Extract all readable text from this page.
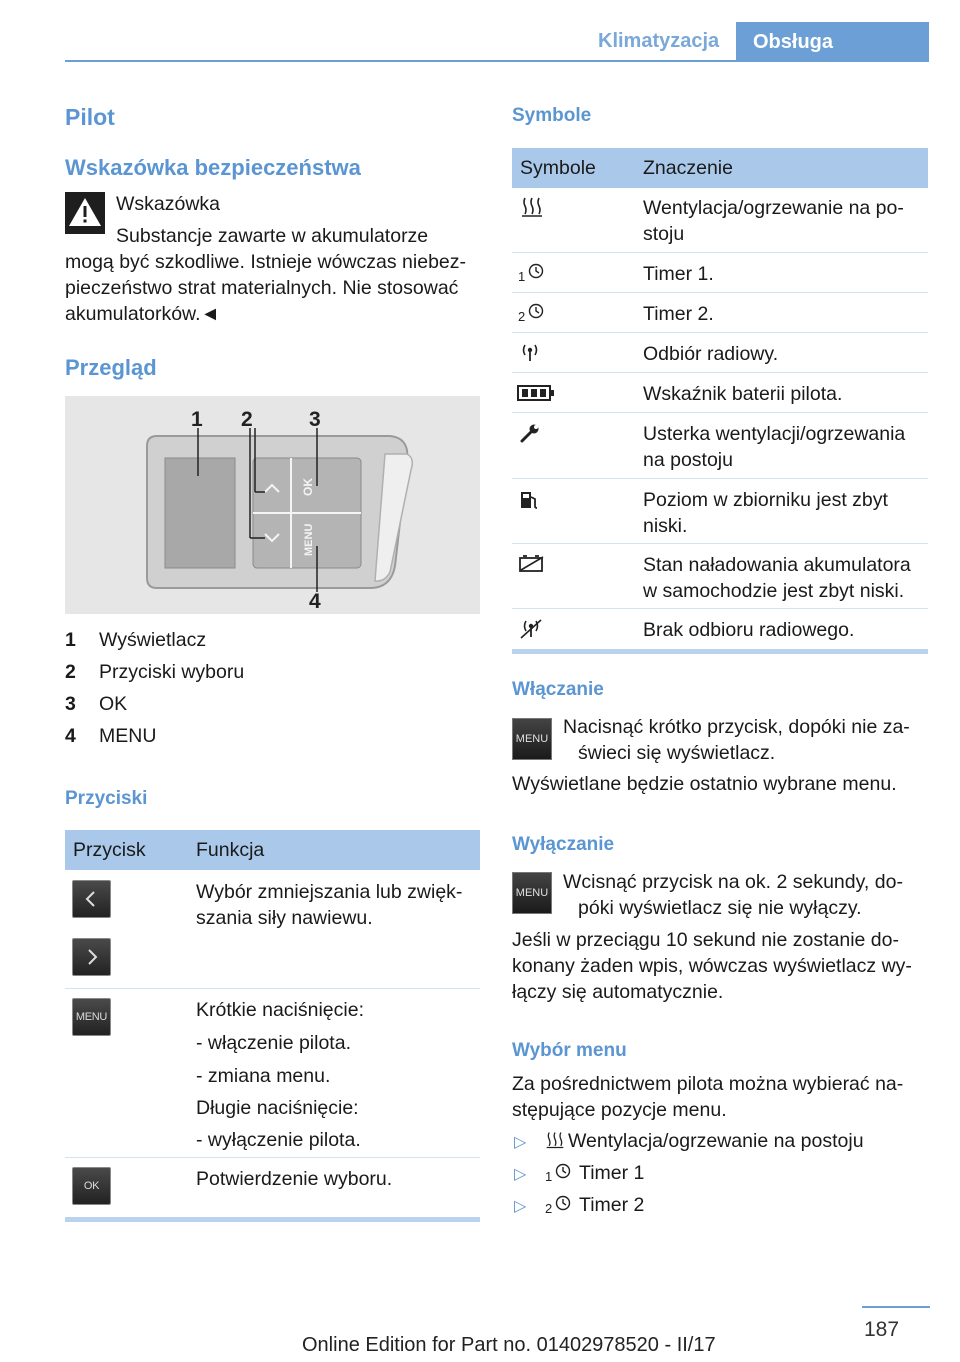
Klimatyzacja	Obsługa
Pilot
Wskazówka bezpieczeństwa
Wskazówka
Substancje zawarte w akumulatorze
mogą być szkodliwe. Istnieje wówczas niebez-
pieczeństwo strat materialnych. Nie stosować
akumulatorków.◄
Przegląd
OK
MENU
1 2	3
4
1 Wyświetlacz
2 Przyciski wyboru
3 OK
4 MENU
Przyciski
Przycisk	Funkcja
Wybór zmniejszania lub zwięk-
szania siły nawiewu.
MENU	Krótkie naciśnięcie:
- włączenie pilota.
- zmiana menu.
Długie naciśnięcie:
- wyłączenie pilota.
OK	Potwierdzenie wyboru.
Symbole
Symbole Znaczenie
Wentylacja/ogrzewanie na po-
stoju
1	Timer 1.
2	Timer 2.
Odbiór radiowy.
Wskaźnik baterii pilota.
Usterka wentylacji/ogrzewania
na postoju
Poziom w zbiorniku jest zbyt
niski.
Stan naładowania akumulatora
w samochodzie jest zbyt niski.
Brak odbioru radiowego.
Włączanie
MENU
Nacisnąć krótko przycisk, dopóki nie za-
świeci się wyświetlacz.
Wyświetlane będzie ostatnio wybrane menu.
Wyłączanie
MENU Wcisnąć przycisk na ok. 2 sekundy, do-
póki wyświetlacz się nie wyłączy.
Jeśli w przeciągu 10 sekund nie zostanie do-
konany żaden wpis, wówczas wyświetlacz wy-
łączy się automatycznie.
Wybór menu
Za pośrednictwem pilota można wybierać na-
stępujące pozycje menu.
▷ Wentylacja/ogrzewanie na postoju
▷ 1 Timer 1
▷ 2 Timer 2
187
Online Edition for Part no. 01402978520 - II/17
